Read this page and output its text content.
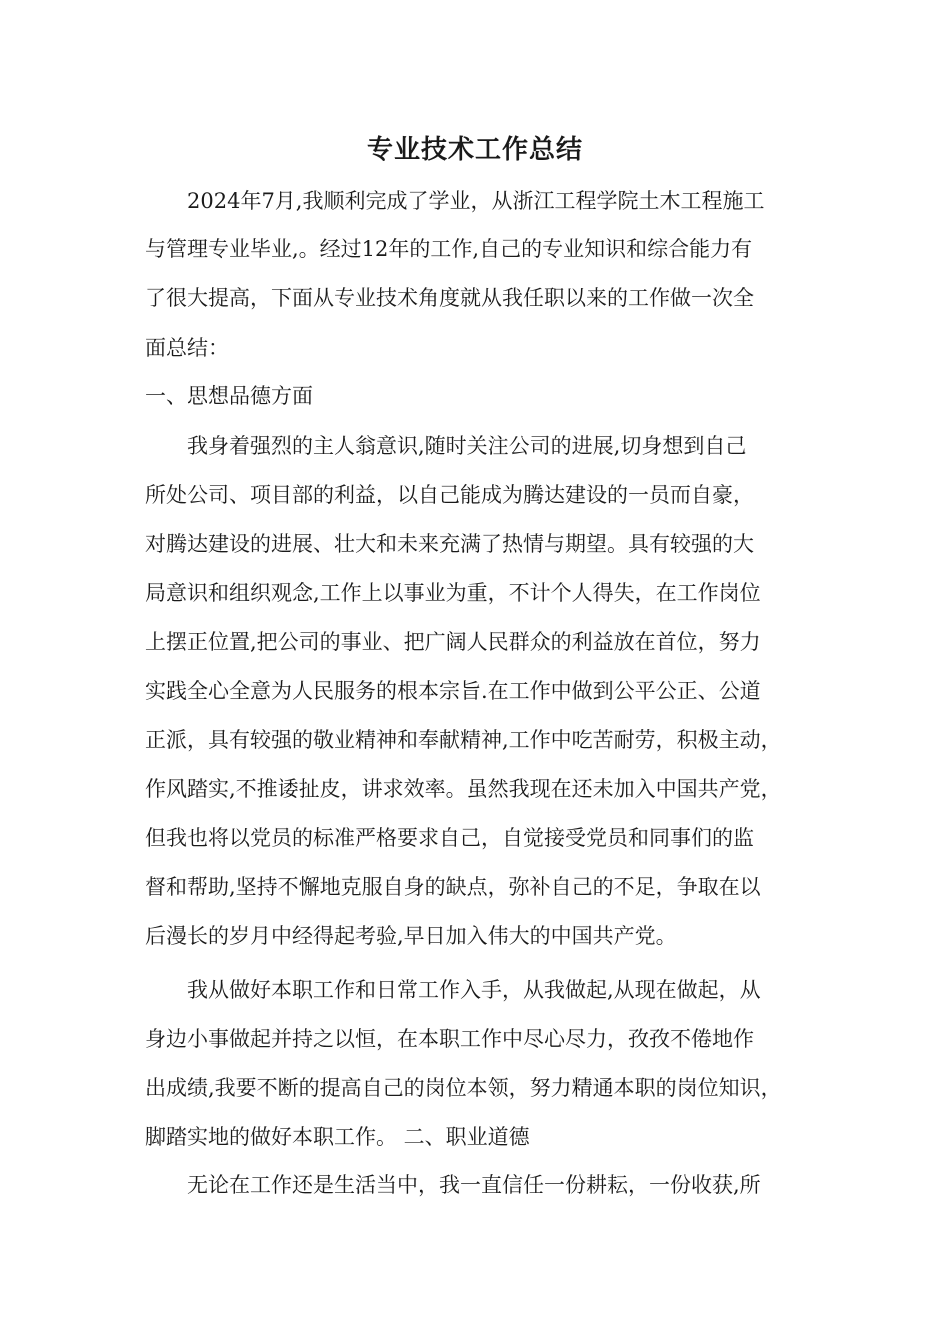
专业技术工作总结
2024年7月,我顺利完成了学业，从浙江工程学院土木工程施工
与管理专业毕业,。经过12年的工作,自己的专业知识和综合能力有
了很大提高，下面从专业技术角度就从我任职以来的工作做一次全
面总结：
一、思想品德方面
我身着强烈的主人翁意识,随时关注公司的进展,切身想到自己
所处公司、项目部的利益，以自己能成为腾达建设的一员而自豪，
对腾达建设的进展、壮大和未来充满了热情与期望。具有较强的大
局意识和组织观念,工作上以事业为重，不计个人得失，在工作岗位
上摆正位置,把公司的事业、把广阔人民群众的利益放在首位，努力
实践全心全意为人民服务的根本宗旨.在工作中做到公平公正、公道
正派，具有较强的敬业精神和奉献精神,工作中吃苦耐劳，积极主动，
作风踏实,不推诿扯皮，讲求效率。虽然我现在还未加入中国共产党，
但我也将以党员的标准严格要求自己，自觉接受党员和同事们的监
督和帮助,坚持不懈地克服自身的缺点，弥补自己的不足，争取在以
后漫长的岁月中经得起考验,早日加入伟大的中国共产党。
我从做好本职工作和日常工作入手，从我做起,从现在做起，从
身边小事做起并持之以恒，在本职工作中尽心尽力，孜孜不倦地作
出成绩,我要不断的提高自己的岗位本领，努力精通本职的岗位知识，
脚踏实地的做好本职工作。 二、职业道德
无论在工作还是生活当中，我一直信任一份耕耘，一份收获,所
